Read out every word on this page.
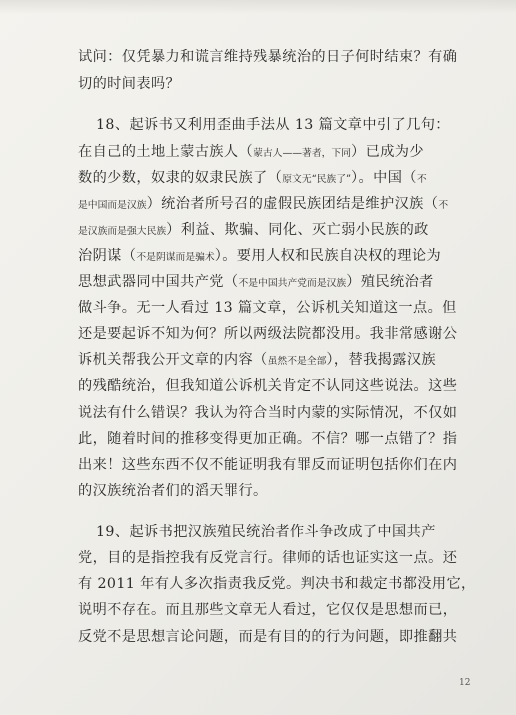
试问：仅凭暴力和谎言维持残暴统治的日子何时结束？有确
切的时间表吗？
18、起诉书又利用歪曲手法从 13 篇文章中引了几句：
在自己的土地上蒙古族人（蒙古人——著者，下同）已成为少
数的少数，奴隶的奴隶民族了（原文无“民族了”）。中国（不
是中国而是汉族）统治者所号召的虚假民族团结是维护汉族（不
是汉族而是强大民族）利益、欺骗、同化、灭亡弱小民族的政
治阴谋（不是阴谋而是骗术）。要用人权和民族自决权的理论为
思想武器同中国共产党（不是中国共产党而是汉族）殖民统治者
做斗争。无一人看过 13 篇文章，公诉机关知道这一点。但
还是要起诉不知为何？所以两级法院都没用。我非常感谢公
诉机关帮我公开文章的内容（虽然不是全部），替我揭露汉族
的残酷统治，但我知道公诉机关肯定不认同这些说法。这些
说法有什么错误？我认为符合当时内蒙的实际情况，不仅如
此，随着时间的推移变得更加正确。不信？哪一点错了？指
出来！这些东西不仅不能证明我有罪反而证明包括你们在内
的汉族统治者们的滔天罪行。
19、起诉书把汉族殖民统治者作斗争改成了中国共产
党，目的是指控我有反党言行。律师的话也证实这一点。还
有 2011 年有人多次指责我反党。判决书和裁定书都没用它，
说明不存在。而且那些文章无人看过，它仅仅是思想而已，
反党不是思想言论问题，而是有目的的行为问题，即推翻共
12
